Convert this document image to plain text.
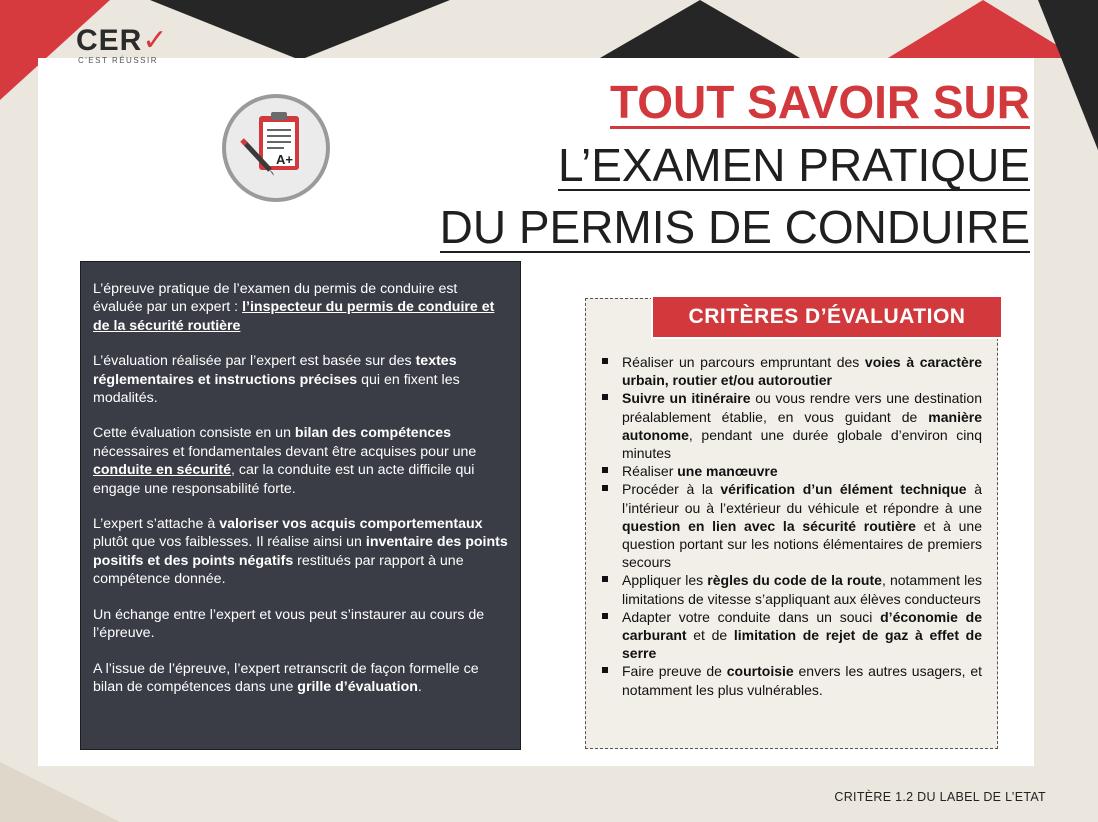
CER✓
C'EST RÉUSSIR
A+
TOUT SAVOIR SUR
L’EXAMEN PRATIQUE
DU PERMIS DE CONDUIRE

L’épreuve pratique de l’examen du permis de conduire est évaluée par un expert : l’inspecteur du permis de conduire et de la sécurité routière

L’évaluation réalisée par l’expert est basée sur des textes réglementaires et instructions précises qui en fixent les modalités.

Cette évaluation consiste en un bilan des compétences nécessaires et fondamentales devant être acquises pour une conduite en sécurité, car la conduite est un acte difficile qui engage une responsabilité forte.

L’expert s’attache à valoriser vos acquis comportementaux plutôt que vos faiblesses. Il réalise ainsi un inventaire des points positifs et des points négatifs restitués par rapport à une compétence donnée.

Un échange entre l’expert et vous peut s’instaurer au cours de l’épreuve.

A l’issue de l’épreuve, l’expert retranscrit de façon formelle ce bilan de compétences dans une grille d’évaluation.

CRITÈRES D’ÉVALUATION
Réaliser un parcours empruntant des voies à caractère urbain, routier et/ou autoroutier
Suivre un itinéraire ou vous rendre vers une destination préalablement établie, en vous guidant de manière autonome, pendant une durée globale d’environ cinq minutes
Réaliser une manœuvre
Procéder à la vérification d’un élément technique à l’intérieur ou à l’extérieur du véhicule et répondre à une question en lien avec la sécurité routière et à une question portant sur les notions élémentaires de premiers secours
Appliquer les règles du code de la route, notamment les limitations de vitesse s’appliquant aux élèves conducteurs
Adapter votre conduite dans un souci d’économie de carburant et de limitation de rejet de gaz à effet de serre
Faire preuve de courtoisie envers les autres usagers, et notamment les plus vulnérables.
CRITÈRE 1.2 DU LABEL DE L’ETAT
